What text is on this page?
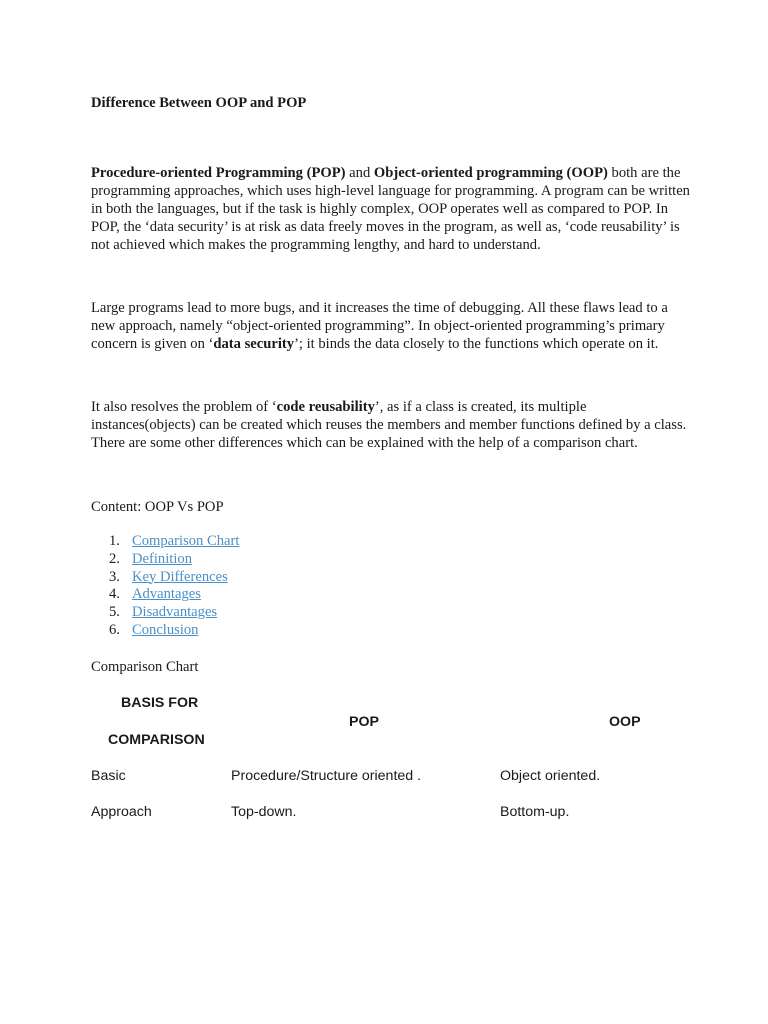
Difference Between OOP and POP

Procedure-oriented Programming (POP) and Object-oriented programming (OOP) both are the programming approaches, which uses high-level language for programming. A program can be written in both the languages, but if the task is highly complex, OOP operates well as compared to POP. In POP, the ‘data security’ is at risk as data freely moves in the program, as well as, ‘code reusability’ is not achieved which makes the programming lengthy, and hard to understand.

Large programs lead to more bugs, and it increases the time of debugging. All these flaws lead to a new approach, namely “object-oriented programming”. In object-oriented programming’s primary concern is given on ‘data security’; it binds the data closely to the functions which operate on it.

It also resolves the problem of ‘code reusability’, as if a class is created, its multiple instances(objects) can be created which reuses the members and member functions defined by a class. There are some other differences which can be explained with the help of a comparison chart.

Content: OOP Vs POP
1. Comparison Chart
2. Definition
3. Key Differences
4. Advantages
5. Disadvantages
6. Conclusion
Comparison Chart
BASIS FOR
COMPARISON
POP	OOP
Basic	Procedure/Structure oriented .	Object oriented.
Approach	Top-down.	Bottom-up.
